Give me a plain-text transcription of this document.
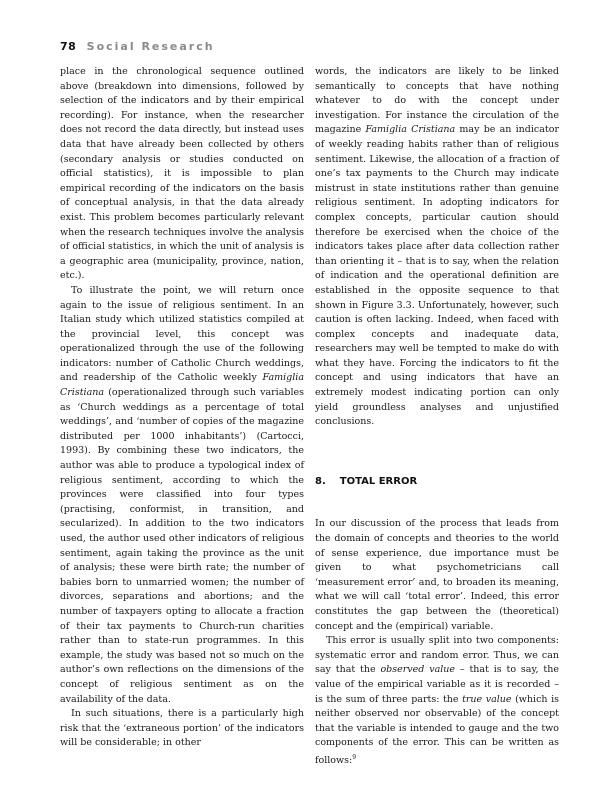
78 Social Research

place in the chronological sequence outlined above (breakdown into dimensions, followed by selection of the indicators and by their empirical recording). For instance, when the researcher does not record the data directly, but instead uses data that have already been collected by others (secondary analysis or studies conducted on official statistics), it is impossible to plan empirical recording of the indicators on the basis of conceptual analysis, in that the data already exist. This problem becomes particularly relevant when the research techniques involve the analysis of official statistics, in which the unit of analysis is a geographic area (municipality, province, nation, etc.).

To illustrate the point, we will return once again to the issue of religious sentiment. In an Italian study which utilized statistics compiled at the provincial level, this concept was operationalized through the use of the following indicators: number of Catholic Church weddings, and readership of the Catholic weekly Famiglia Cristiana (operationalized through such variables as ‘Church weddings as a percentage of total weddings’, and ‘number of copies of the magazine distributed per 1000 inhabitants’) (Cartocci, 1993). By combining these two indicators, the author was able to produce a typological index of religious sentiment, according to which the provinces were classified into four types (practising, conformist, in transition, and secularized). In addition to the two indicators used, the author used other indicators of religious sentiment, again taking the province as the unit of analysis; these were birth rate; the number of babies born to unmarried women; the number of divorces, separations and abortions; and the number of taxpayers opting to allocate a fraction of their tax payments to Church-run charities rather than to state-run programmes. In this example, the study was based not so much on the author’s own reflections on the dimensions of the concept of religious sentiment as on the availability of the data.

In such situations, there is a particularly high risk that the ‘extraneous portion’ of the indicators will be considerable; in other

words, the indicators are likely to be linked semantically to concepts that have nothing whatever to do with the concept under investigation. For instance the circulation of the magazine Famiglia Cristiana may be an indicator of weekly reading habits rather than of religious sentiment. Likewise, the allocation of a fraction of one’s tax payments to the Church may indicate mistrust in state institutions rather than genuine religious sentiment. In adopting indicators for complex concepts, particular caution should therefore be exercised when the choice of the indicators takes place after data collection rather than orienting it – that is to say, when the relation of indication and the operational definition are established in the opposite sequence to that shown in Figure 3.3. Unfortunately, however, such caution is often lacking. Indeed, when faced with complex concepts and inadequate data, researchers may well be tempted to make do with what they have. Forcing the indicators to fit the concept and using indicators that have an extremely modest indicating portion can only yield groundless analyses and unjustified conclusions.

8. TOTAL ERROR

In our discussion of the process that leads from the domain of concepts and theories to the world of sense experience, due importance must be given to what psychometricians call ‘measurement error’ and, to broaden its meaning, what we will call ‘total error’. Indeed, this error constitutes the gap between the (theoretical) concept and the (empirical) variable.

This error is usually split into two components: systematic error and random error. Thus, we can say that the observed value – that is to say, the value of the empirical variable as it is recorded – is the sum of three parts: the true value (which is neither observed nor observable) of the concept that the variable is intended to gauge and the two components of the error. This can be written as follows:$^9$
